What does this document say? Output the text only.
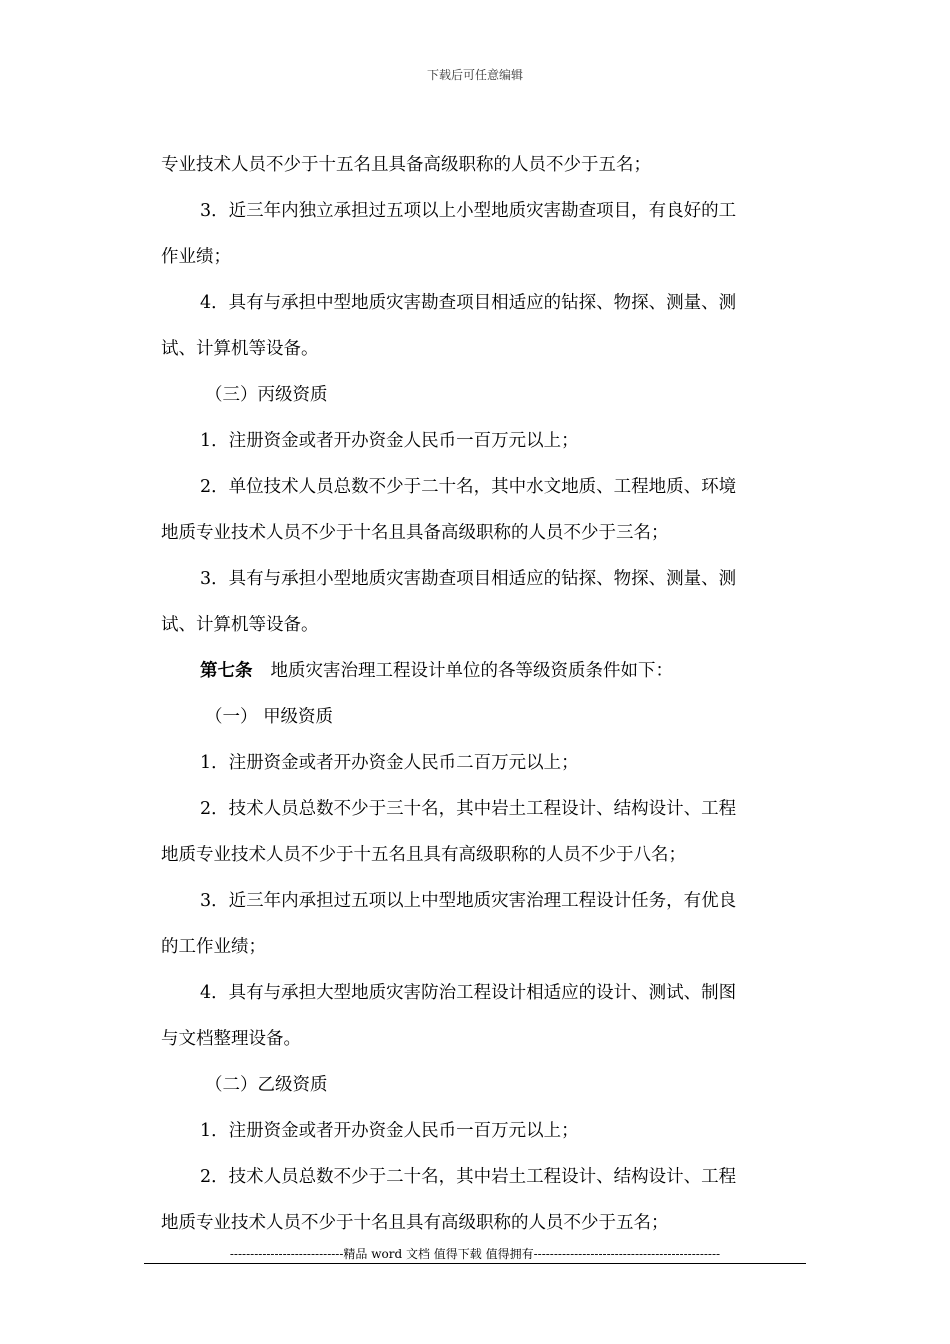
下载后可任意编辑
专业技术人员不少于十五名且具备高级职称的人员不少于五名；
3．近三年内独立承担过五项以上小型地质灾害勘查项目，有良好的工
作业绩；
4．具有与承担中型地质灾害勘查项目相适应的钻探、物探、测量、测
试、计算机等设备。
（三）丙级资质
1．注册资金或者开办资金人民币一百万元以上；
2．单位技术人员总数不少于二十名，其中水文地质、工程地质、环境
地质专业技术人员不少于十名且具备高级职称的人员不少于三名；
3．具有与承担小型地质灾害勘查项目相适应的钻探、物探、测量、测
试、计算机等设备。
第七条 地质灾害治理工程设计单位的各等级资质条件如下：
（一） 甲级资质
1．注册资金或者开办资金人民币二百万元以上；
2．技术人员总数不少于三十名，其中岩土工程设计、结构设计、工程
地质专业技术人员不少于十五名且具有高级职称的人员不少于八名；
3．近三年内承担过五项以上中型地质灾害治理工程设计任务，有优良
的工作业绩；
4．具有与承担大型地质灾害防治工程设计相适应的设计、测试、制图
与文档整理设备。
（二）乙级资质
1．注册资金或者开办资金人民币一百万元以上；
2．技术人员总数不少于二十名，其中岩土工程设计、结构设计、工程
地质专业技术人员不少于十名且具有高级职称的人员不少于五名；
----------------------------精品 word 文档 值得下载 值得拥有----------------------------------------------
